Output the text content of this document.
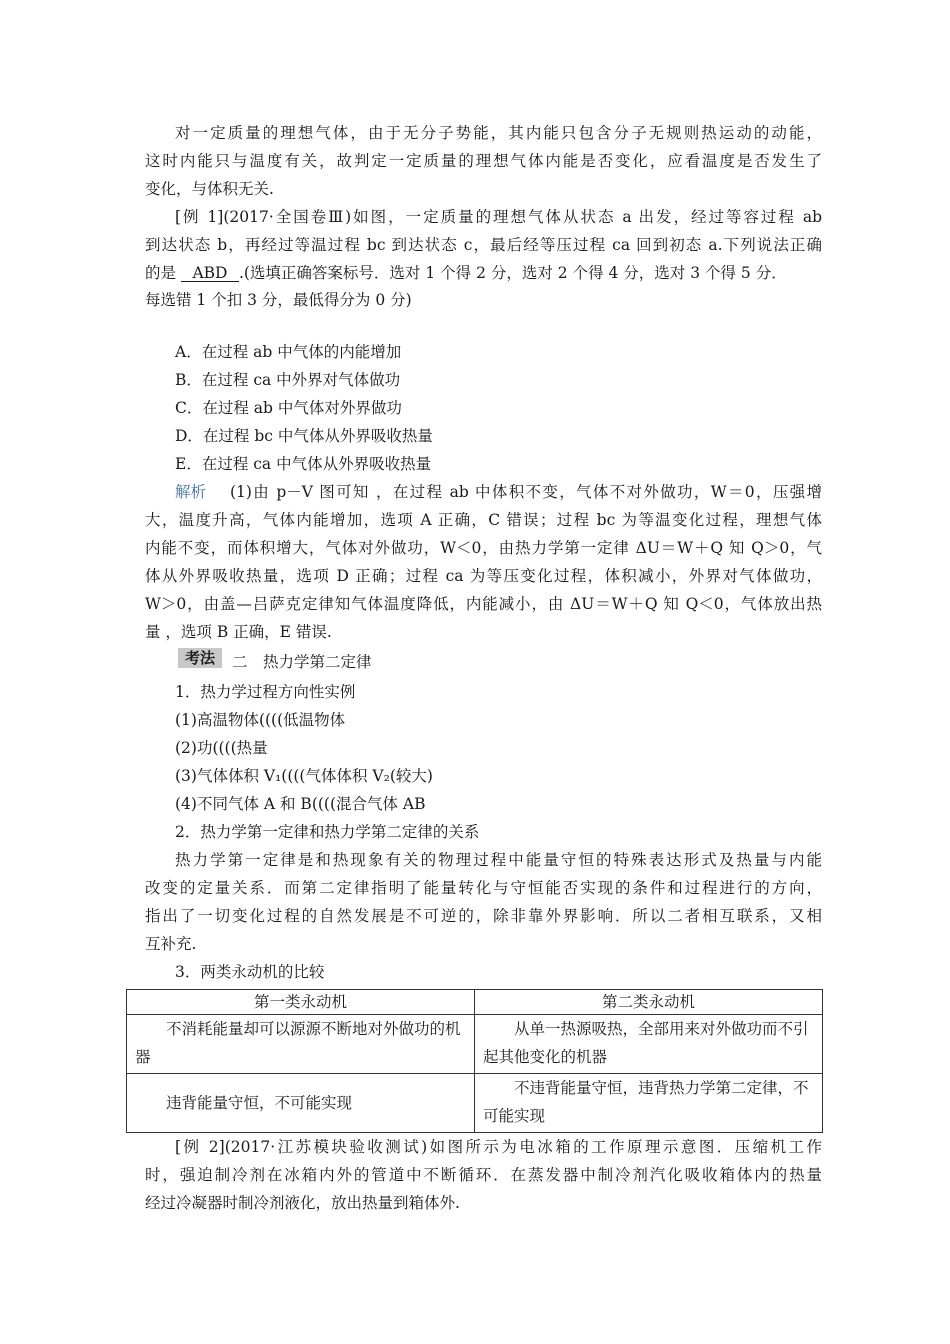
对一定质量的理想气体，由于无分子势能，其内能只包含分子无规则热运动的动能，
这时内能只与温度有关，故判定一定质量的理想气体内能是否变化，应看温度是否发生了
变化，与体积无关.
[例 1](2017·全国卷Ⅲ)如图，一定质量的理想气体从状态 a 出发，经过等容过程 ab
到达状态 b，再经过等温过程 bc 到达状态 c，最后经等压过程 ca 回到初态 a.下列说法正确
的是 ABD .(选填正确答案标号．选对 1 个得 2 分，选对 2 个得 4 分，选对 3 个得 5 分．
每选错 1 个扣 3 分，最低得分为 0 分)
A．在过程 ab 中气体的内能增加
B．在过程 ca 中外界对气体做功
C．在过程 ab 中气体对外界做功
D．在过程 bc 中气体从外界吸收热量
E．在过程 ca 中气体从外界吸收热量
解析 (1)由 p－V 图可知 ，在过程 ab 中体积不变，气体不对外做功，W＝0，压强增
大，温度升高，气体内能增加，选项 A 正确，C 错误；过程 bc 为等温变化过程，理想气体
内能不变，而体积增大，气体对外做功，W＜0，由热力学第一定律 ΔU＝W＋Q 知 Q＞0，气
体从外界吸收热量，选项 D 正确；过程 ca 为等压变化过程，体积减小，外界对气体做功，
W＞0，由盖—吕萨克定律知气体温度降低，内能减小，由 ΔU＝W＋Q 知 Q＜0，气体放出热
量 ，选项 B 正确，E 错误.
考法	二　热力学第二定律
1．热力学过程方向性实例
(1)高温物体((((低温物体
(2)功((((热量
(3)气体体积 V₁((((气体体积 V₂(较大)
(4)不同气体 A 和 B((((混合气体 AB
2．热力学第一定律和热力学第二定律的关系
热力学第一定律是和热现象有关的物理过程中能量守恒的特殊表达形式及热量与内能
改变的定量关系．而第二定律指明了能量转化与守恒能否实现的条件和过程进行的方向，
指出了一切变化过程的自然发展是不可逆的，除非靠外界影响．所以二者相互联系，又相
互补充.
3．两类永动机的比较
第一类永动机	第二类永动机

不消耗能量却可以源源不断地对外做功的机器	从单一热源吸热，全部用来对外做功而不引起其他变化的机器

违背能量守恒，不可能实现	不违背能量守恒，违背热力学第二定律，不可能实现
[例 2](2017·江苏模块验收测试)如图所示为电冰箱的工作原理示意图．压缩机工作
时，强迫制冷剂在冰箱内外的管道中不断循环．在蒸发器中制冷剂汽化吸收箱体内的热量
经过冷凝器时制冷剂液化，放出热量到箱体外.
